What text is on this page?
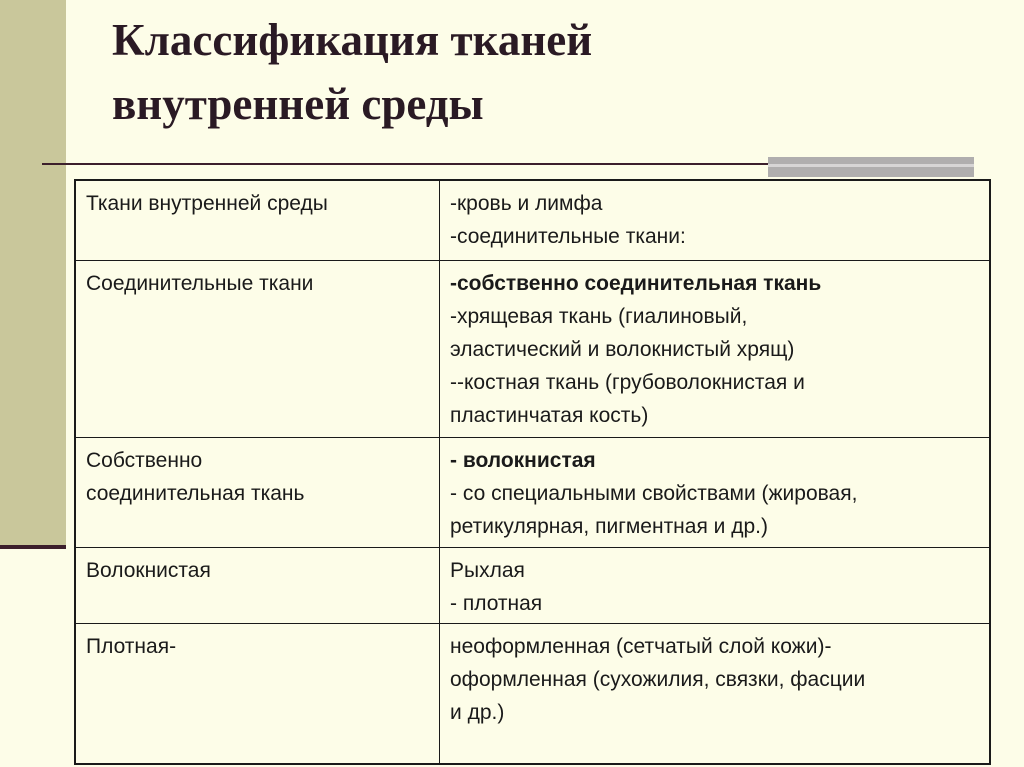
Классификация тканей
внутренней среды
Ткани внутренней среды	-кровь и лимфа
-соединительные ткани:

Соединительные ткани	-собственно соединительная ткань
-хрящевая ткань (гиалиновый,
эластический и волокнистый хрящ)
--костная ткань (грубоволокнистая и
пластинчатая кость)

Собственно
соединительная ткань	- волокнистая
- со специальными свойствами (жировая,
ретикулярная, пигментная и др.)

Волокнистая	Рыхлая
- плотная

Плотная-	неоформленная (сетчатый слой кожи)-
оформленная (сухожилия, связки, фасции
и др.)
